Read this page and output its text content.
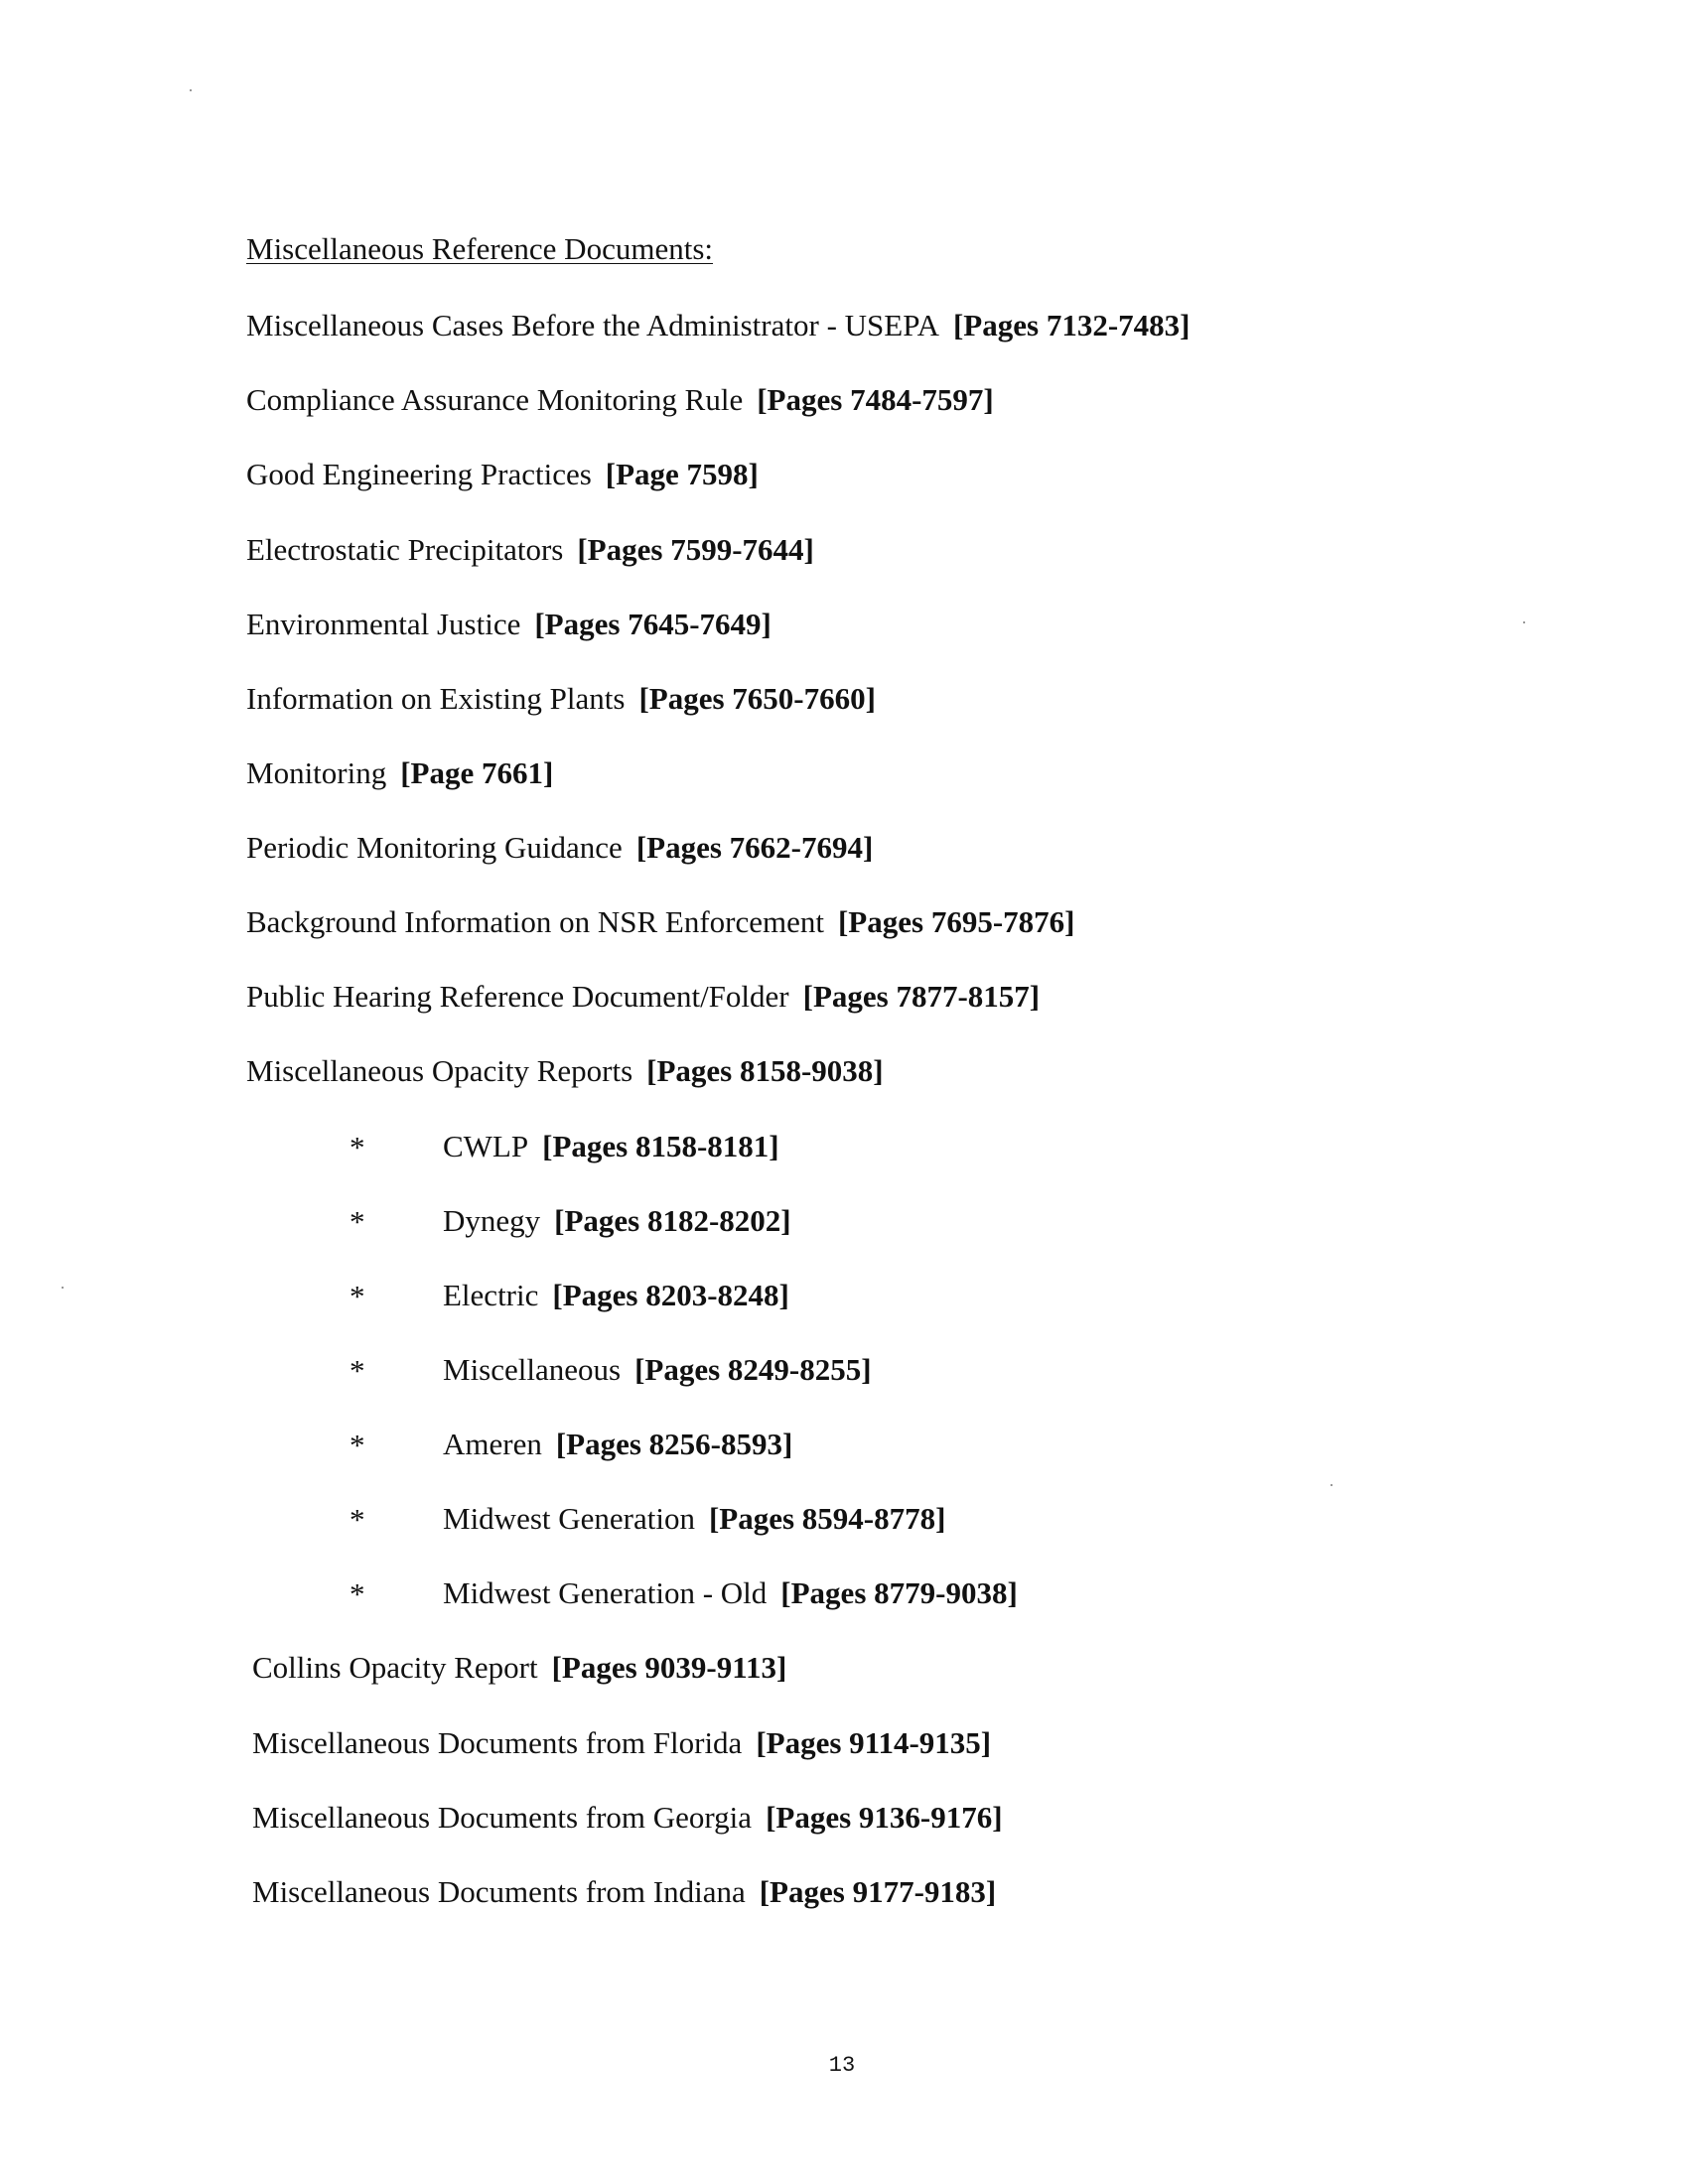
Miscellaneous Reference Documents:
Miscellaneous Cases Before the Administrator - USEPA [Pages 7132-7483]
Compliance Assurance Monitoring Rule [Pages 7484-7597]
Good Engineering Practices [Page 7598]
Electrostatic Precipitators [Pages 7599-7644]
Environmental Justice [Pages 7645-7649]
Information on Existing Plants [Pages 7650-7660]
Monitoring [Page 7661]
Periodic Monitoring Guidance [Pages 7662-7694]
Background Information on NSR Enforcement [Pages 7695-7876]
Public Hearing Reference Document/Folder [Pages 7877-8157]
Miscellaneous Opacity Reports [Pages 8158-9038]
*	CWLP [Pages 8158-8181]
*	Dynegy [Pages 8182-8202]
*	Electric [Pages 8203-8248]
*	Miscellaneous [Pages 8249-8255]
*	Ameren [Pages 8256-8593]
*	Midwest Generation [Pages 8594-8778]
*	Midwest Generation - Old [Pages 8779-9038]
Collins Opacity Report [Pages 9039-9113]
Miscellaneous Documents from Florida [Pages 9114-9135]
Miscellaneous Documents from Georgia [Pages 9136-9176]
Miscellaneous Documents from Indiana [Pages 9177-9183]
13
